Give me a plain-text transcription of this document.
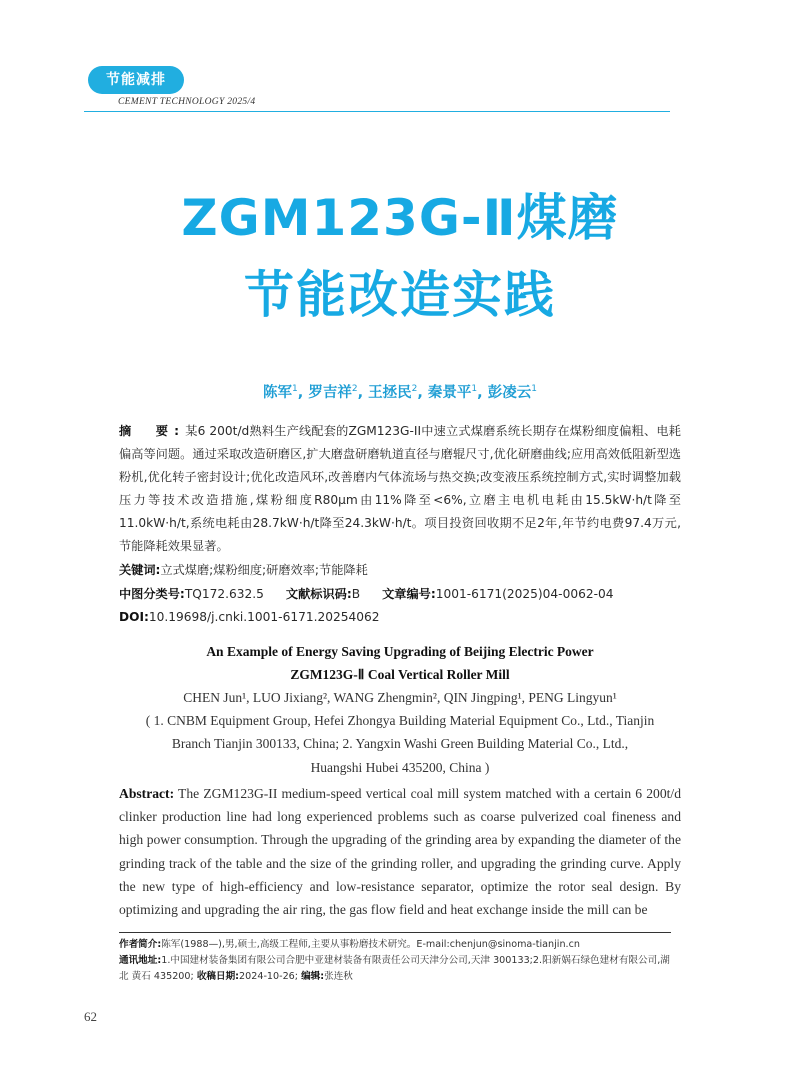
节能减排
CEMENT TECHNOLOGY 2025/4
ZGM123G-Ⅱ煤磨
节能改造实践
陈军$^1$, 罗吉祥$^2$, 王拯民$^2$, 秦景平$^1$, 彭凌云$^1$
摘　要:某6 200t/d熟料生产线配套的ZGM123G-II中速立式煤磨系统长期存在煤粉细度偏粗、电耗偏高等问题。通过采取改造研磨区,扩大磨盘研磨轨道直径与磨辊尺寸,优化研磨曲线;应用高效低阻新型选粉机,优化转子密封设计;优化改造风环,改善磨内气体流场与热交换;改变液压系统控制方式,实时调整加载压力等技术改造措施,煤粉细度R80μm由11%降至<6%,立磨主电机电耗由15.5kW·h/t降至11.0kW·h/t,系统电耗由28.7kW·h/t降至24.3kW·h/t。项目投资回收期不足2年,年节约电费97.4万元,节能降耗效果显著。
关键词:立式煤磨;煤粉细度;研磨效率;节能降耗
中图分类号:TQ172.632.5 文献标识码:B 文章编号:1001-6171(2025)04-0062-04
DOI:10.19698/j.cnki.1001-6171.20254062
An Example of Energy Saving Upgrading of Beijing Electric Power
ZGM123G-Ⅱ Coal Vertical Roller Mill
CHEN Jun¹, LUO Jixiang², WANG Zhengmin², QIN Jingping¹, PENG Lingyun¹
( 1. CNBM Equipment Group, Hefei Zhongya Building Material Equipment Co., Ltd., Tianjin
Branch Tianjin 300133, China; 2. Yangxin Washi Green Building Material Co., Ltd.,
Huangshi Hubei 435200, China )
Abstract: The ZGM123G-II medium-speed vertical coal mill system matched with a certain 6 200t/d clinker production line had long experienced problems such as coarse pulverized coal fineness and high power consumption. Through the upgrading of the grinding area by expanding the diameter of the grinding track of the table and the size of the grinding roller, and upgrading the grinding curve. Apply the new type of high-efficiency and low-resistance separator, optimize the rotor seal design. By optimizing and upgrading the air ring, the gas flow field and heat exchange inside the mill can be
作者简介:陈军(1988—),男,硕士,高级工程师,主要从事粉磨技术研究。E-mail:chenjun@sinoma-tianjin.cn
通讯地址:1.中国建材装备集团有限公司合肥中亚建材装备有限责任公司天津分公司,天津 300133;2.阳新娲石绿色建材有限公司,湖北 黄石 435200; 收稿日期:2024-10-26; 编辑:张连秋
62
